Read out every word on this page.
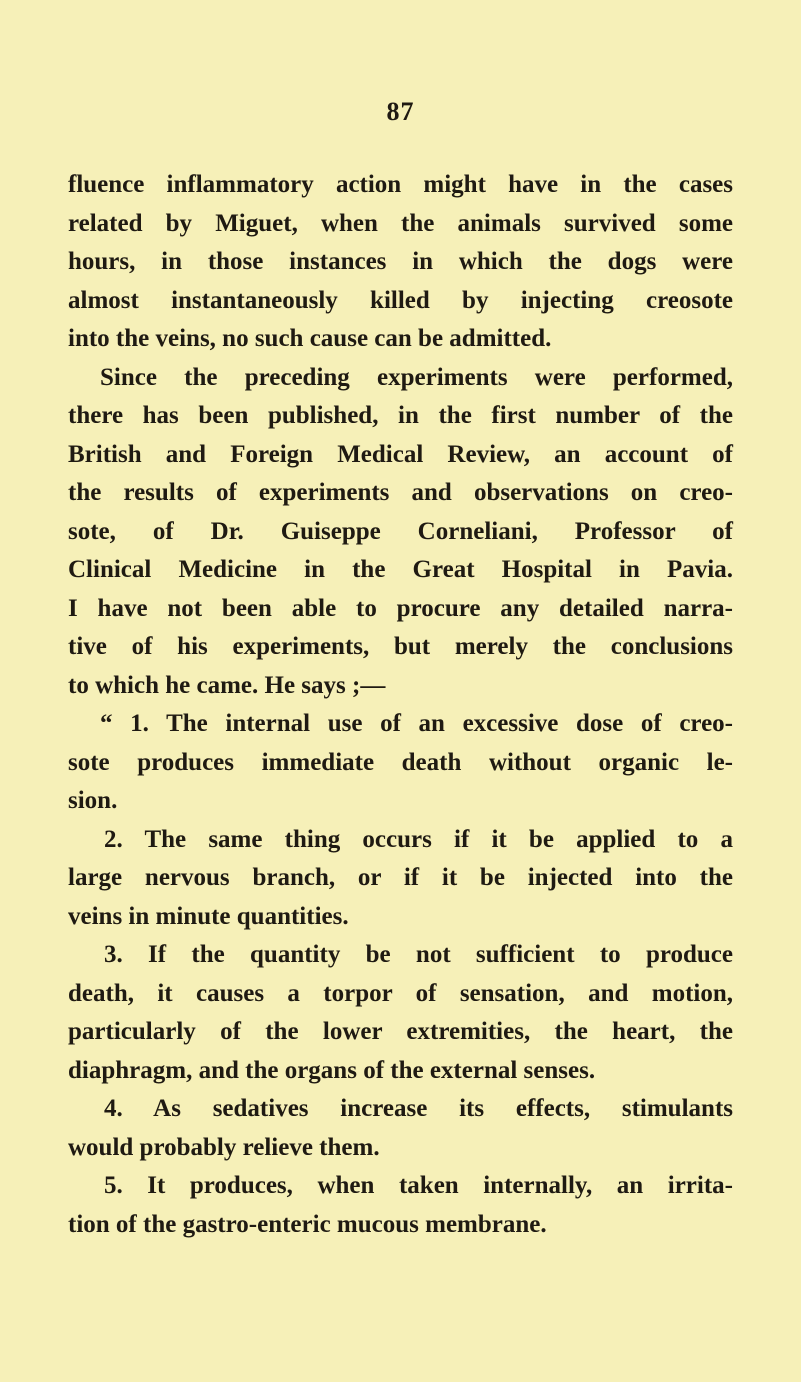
87
fluence inflammatory action might have in the cases
related by Miguet, when the animals survived some
hours, in those instances in which the dogs were
almost instantaneously killed by injecting creosote
into the veins, no such cause can be admitted.
Since the preceding experiments were performed,
there has been published, in the first number of the
British and Foreign Medical Review, an account of
the results of experiments and observations on creo-
sote, of Dr. Guiseppe Corneliani, Professor of
Clinical Medicine in the Great Hospital in Pavia.
I have not been able to procure any detailed narra-
tive of his experiments, but merely the conclusions
to which he came. He says ;—
“ 1. The internal use of an excessive dose of creo-
sote produces immediate death without organic le-
sion.
2. The same thing occurs if it be applied to a
large nervous branch, or if it be injected into the
veins in minute quantities.
3. If the quantity be not sufficient to produce
death, it causes a torpor of sensation, and motion,
particularly of the lower extremities, the heart, the
diaphragm, and the organs of the external senses.
4. As sedatives increase its effects, stimulants
would probably relieve them.
5. It produces, when taken internally, an irrita-
tion of the gastro-enteric mucous membrane.
